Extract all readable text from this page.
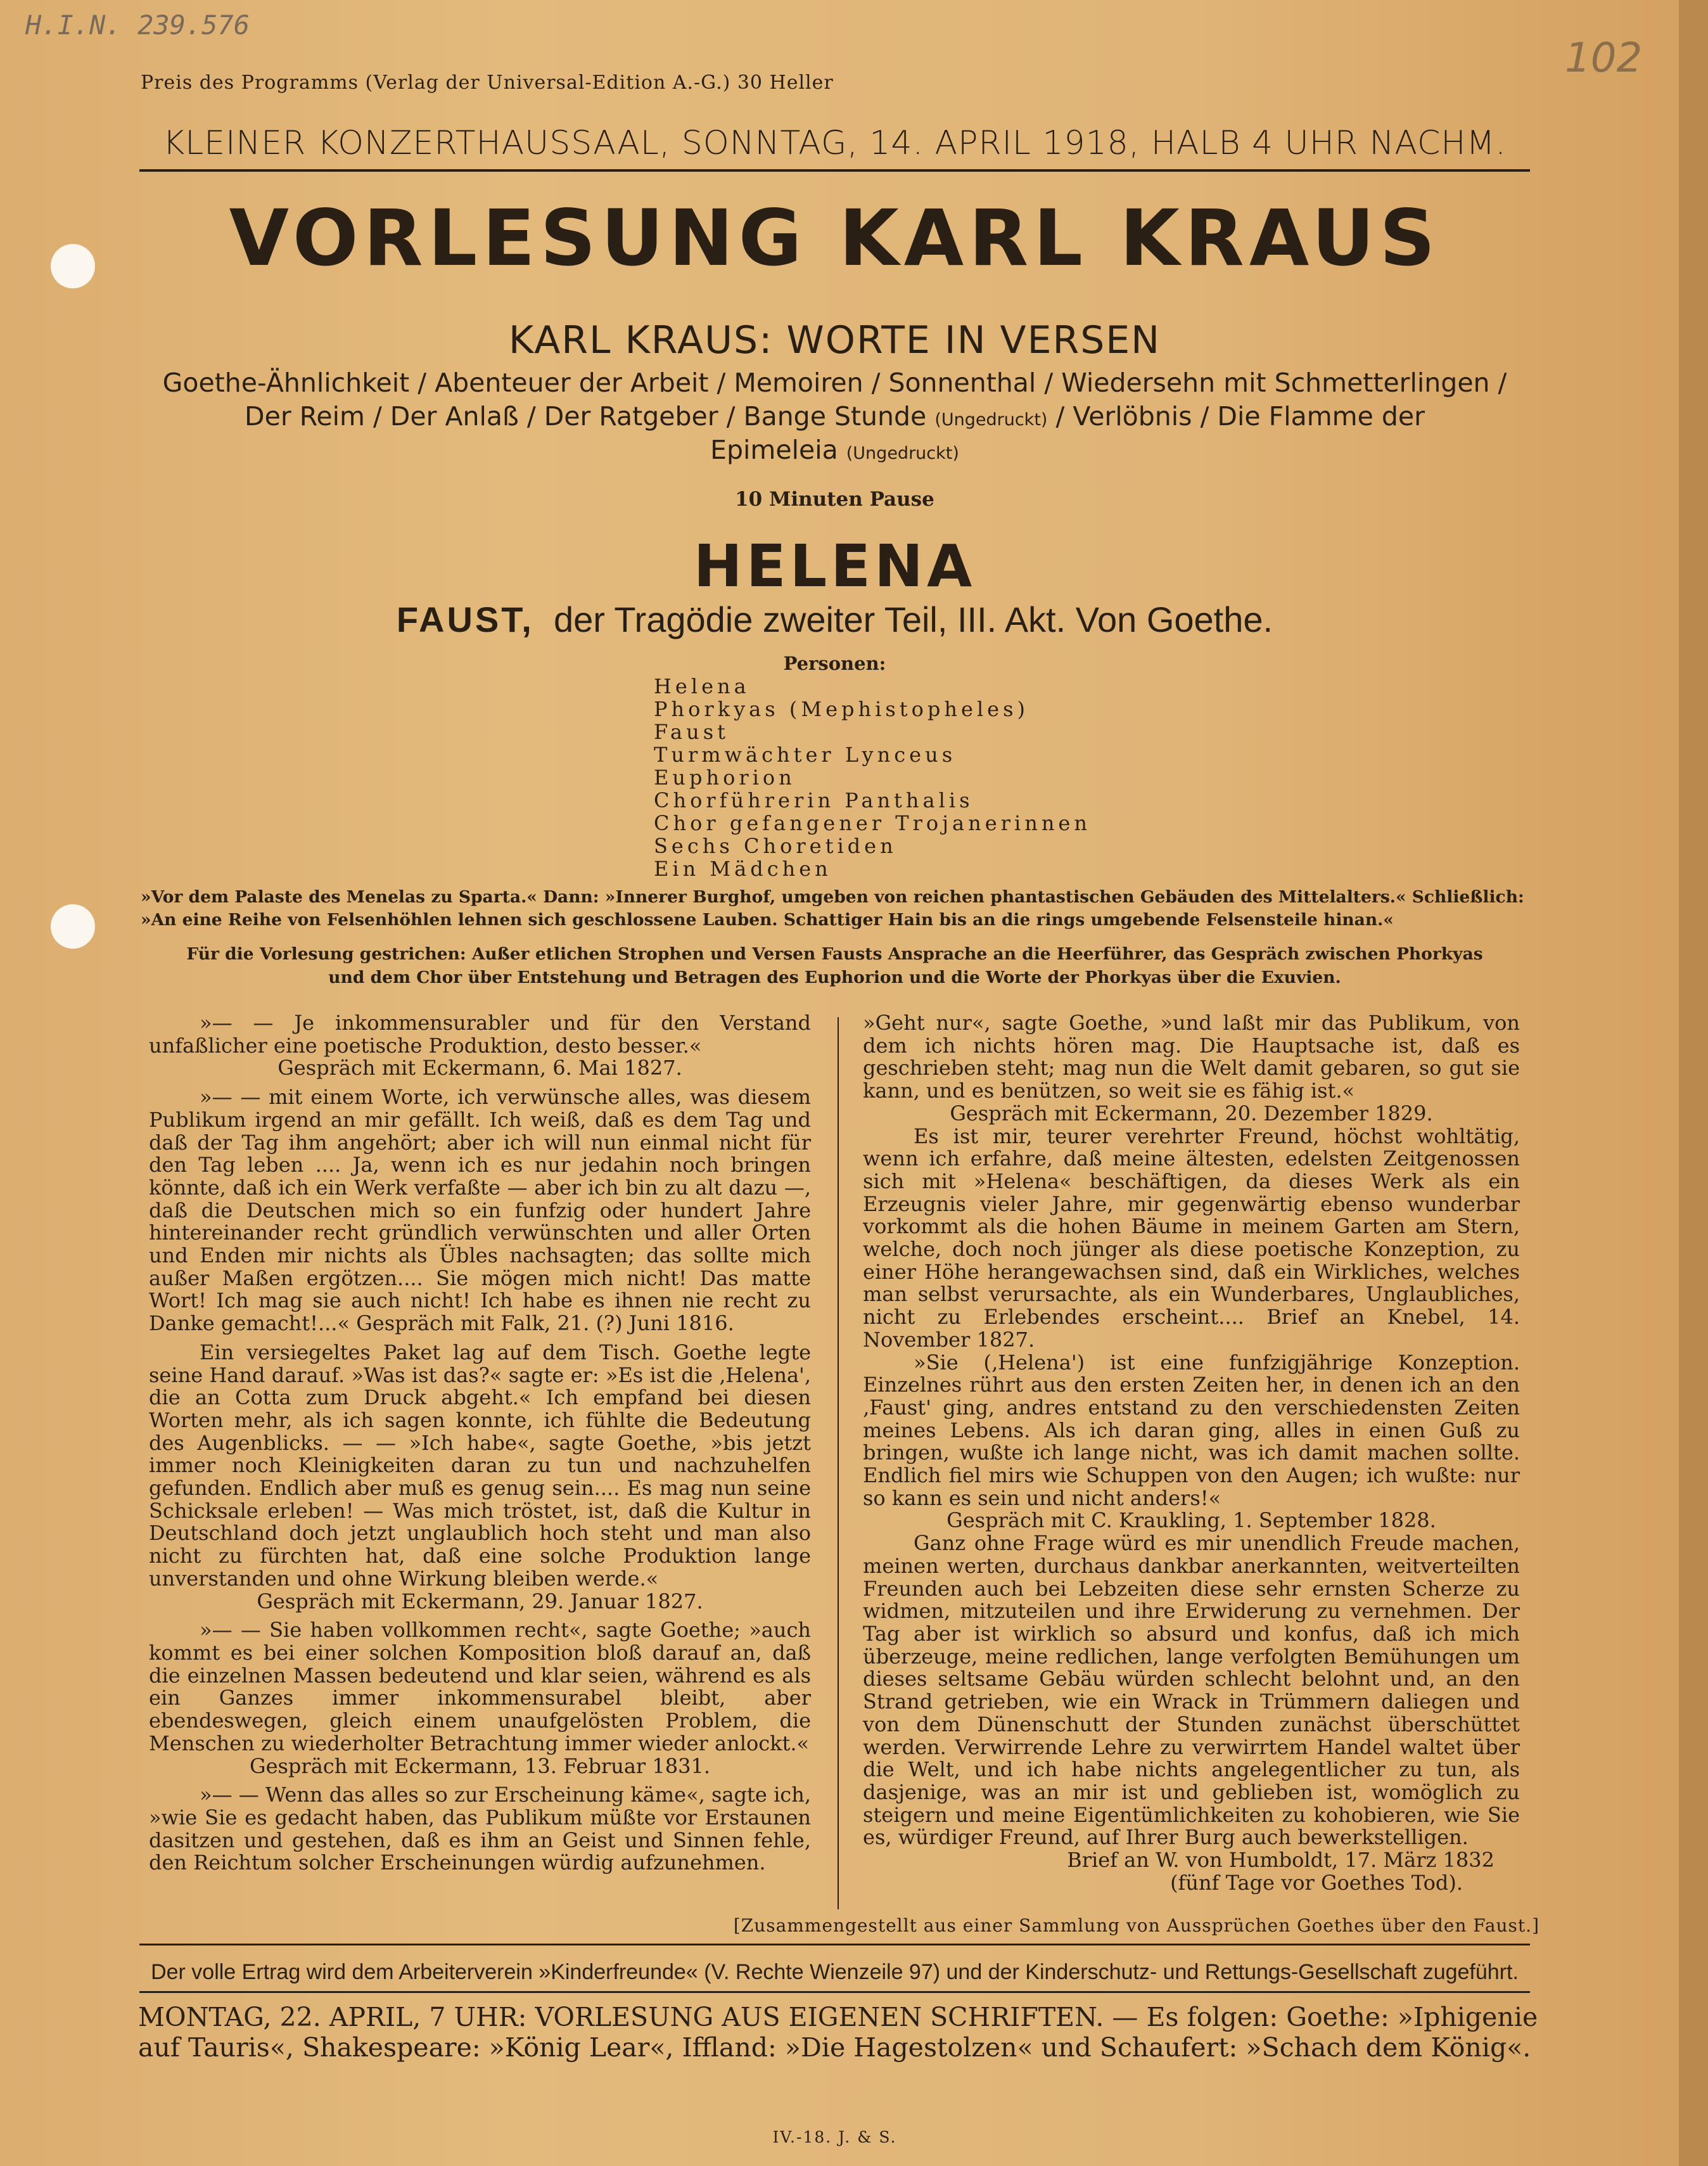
H.I.N. 239.576
102
Preis des Programms (Verlag der Universal-Edition A.-G.) 30 Heller
KLEINER KONZERTHAUSSAAL, SONNTAG, 14. APRIL 1918, HALB 4 UHR NACHM.
VORLESUNG KARL KRAUS
KARL KRAUS: WORTE IN VERSEN
Goethe-Ähnlichkeit / Abenteuer der Arbeit / Memoiren / Sonnenthal / Wiedersehn mit Schmetterlingen /
Der Reim / Der Anlaß / Der Ratgeber / Bange Stunde (Ungedruckt) / Verlöbnis / Die Flamme der
Epimeleia (Ungedruckt)
10 Minuten Pause
HELENA
FAUST, der Tragödie zweiter Teil, III. Akt. Von Goethe.
Personen:
Helena
Phorkyas (Mephistopheles)
Faust
Turmwächter Lynceus
Euphorion
Chorführerin Panthalis
Chor gefangener Trojanerinnen
Sechs Choretiden
Ein Mädchen
»Vor dem Palaste des Menelas zu Sparta.« Dann: »Innerer Burghof, umgeben von reichen phantastischen Gebäuden des Mittelalters.« Schließlich:
»An eine Reihe von Felsenhöhlen lehnen sich geschlossene Lauben. Schattiger Hain bis an die rings umgebende Felsensteile hinan.«
Für die Vorlesung gestrichen: Außer etlichen Strophen und Versen Fausts Ansprache an die Heerführer, das Gespräch zwischen Phorkyas
und dem Chor über Entstehung und Betragen des Euphorion und die Worte der Phorkyas über die Exuvien.

»— — Je inkommensurabler und für den Verstand unfaßlicher eine poetische Produktion, desto besser.«

Gespräch mit Eckermann, 6. Mai 1827.

»— — mit einem Worte, ich verwünsche alles, was diesem Publikum irgend an mir gefällt. Ich weiß, daß es dem Tag und daß der Tag ihm angehört; aber ich will nun einmal nicht für den Tag leben .... Ja, wenn ich es nur jedahin noch bringen könnte, daß ich ein Werk verfaßte — aber ich bin zu alt dazu —, daß die Deutschen mich so ein funfzig oder hundert Jahre hintereinander recht gründlich verwünschten und aller Orten und Enden mir nichts als Übles nachsagten; das sollte mich außer Maßen ergötzen.... Sie mögen mich nicht! Das matte Wort! Ich mag sie auch nicht! Ich habe es ihnen nie recht zu Danke gemacht!...« Gespräch mit Falk, 21. (?) Juni 1816.

Ein versiegeltes Paket lag auf dem Tisch. Goethe legte seine Hand darauf. »Was ist das?« sagte er: »Es ist die ‚Helena', die an Cotta zum Druck abgeht.« Ich empfand bei diesen Worten mehr, als ich sagen konnte, ich fühlte die Bedeutung des Augenblicks. — — »Ich habe«, sagte Goethe, »bis jetzt immer noch Kleinigkeiten daran zu tun und nachzuhelfen gefunden. Endlich aber muß es genug sein.... Es mag nun seine Schicksale erleben! — Was mich tröstet, ist, daß die Kultur in Deutschland doch jetzt unglaublich hoch steht und man also nicht zu fürchten hat, daß eine solche Produktion lange unverstanden und ohne Wirkung bleiben werde.«

Gespräch mit Eckermann, 29. Januar 1827.

»— — Sie haben vollkommen recht«, sagte Goethe; »auch kommt es bei einer solchen Komposition bloß darauf an, daß die einzelnen Massen bedeutend und klar seien, während es als ein Ganzes immer inkommensurabel bleibt, aber ebendeswegen, gleich einem unaufgelösten Problem, die Menschen zu wiederholter Betrachtung immer wieder anlockt.«

Gespräch mit Eckermann, 13. Februar 1831.

»— — Wenn das alles so zur Erscheinung käme«, sagte ich, »wie Sie es gedacht haben, das Publikum müßte vor Erstaunen dasitzen und gestehen, daß es ihm an Geist und Sinnen fehle, den Reichtum solcher Erscheinungen würdig aufzunehmen.

»Geht nur«, sagte Goethe, »und laßt mir das Publikum, von dem ich nichts hören mag. Die Hauptsache ist, daß es geschrieben steht; mag nun die Welt damit gebaren, so gut sie kann, und es benützen, so weit sie es fähig ist.«

Gespräch mit Eckermann, 20. Dezember 1829.

Es ist mir, teurer verehrter Freund, höchst wohltätig, wenn ich erfahre, daß meine ältesten, edelsten Zeitgenossen sich mit »Helena« beschäftigen, da dieses Werk als ein Erzeugnis vieler Jahre, mir gegenwärtig ebenso wunderbar vorkommt als die hohen Bäume in meinem Garten am Stern, welche, doch noch jünger als diese poetische Konzeption, zu einer Höhe herangewachsen sind, daß ein Wirkliches, welches man selbst verursachte, als ein Wunderbares, Unglaubliches, nicht zu Erlebendes erscheint.... Brief an Knebel, 14. November 1827.

»Sie (‚Helena') ist eine funfzigjährige Konzeption. Einzelnes rührt aus den ersten Zeiten her, in denen ich an den ‚Faust' ging, andres entstand zu den verschiedensten Zeiten meines Lebens. Als ich daran ging, alles in einen Guß zu bringen, wußte ich lange nicht, was ich damit machen sollte. Endlich fiel mirs wie Schuppen von den Augen; ich wußte: nur so kann es sein und nicht anders!«

Gespräch mit C. Kraukling, 1. September 1828.

Ganz ohne Frage würd es mir unendlich Freude machen, meinen werten, durchaus dankbar anerkannten, weitverteilten Freunden auch bei Lebzeiten diese sehr ernsten Scherze zu widmen, mitzuteilen und ihre Erwiderung zu vernehmen. Der Tag aber ist wirklich so absurd und konfus, daß ich mich überzeuge, meine redlichen, lange verfolgten Bemühungen um dieses seltsame Gebäu würden schlecht belohnt und, an den Strand getrieben, wie ein Wrack in Trümmern daliegen und von dem Dünenschutt der Stunden zunächst überschüttet werden. Verwirrende Lehre zu verwirrtem Handel waltet über die Welt, und ich habe nichts angelegentlicher zu tun, als dasjenige, was an mir ist und geblieben ist, womöglich zu steigern und meine Eigentümlichkeiten zu kohobieren, wie Sie es, würdiger Freund, auf Ihrer Burg auch bewerkstelligen.

Brief an W. von Humboldt, 17. März 1832

(fünf Tage vor Goethes Tod).

[Zusammengestellt aus einer Sammlung von Aussprüchen Goethes über den Faust.]
Der volle Ertrag wird dem Arbeiterverein »Kinderfreunde« (V. Rechte Wienzeile 97) und der Kinderschutz- und Rettungs-Gesellschaft zugeführt.
MONTAG, 22. APRIL, 7 UHR: VORLESUNG AUS EIGENEN SCHRIFTEN. — Es folgen: Goethe: »Iphigenie
auf Tauris«, Shakespeare: »König Lear«, Iffland: »Die Hagestolzen« und Schaufert: »Schach dem König«.
IV.-18. J. & S.
